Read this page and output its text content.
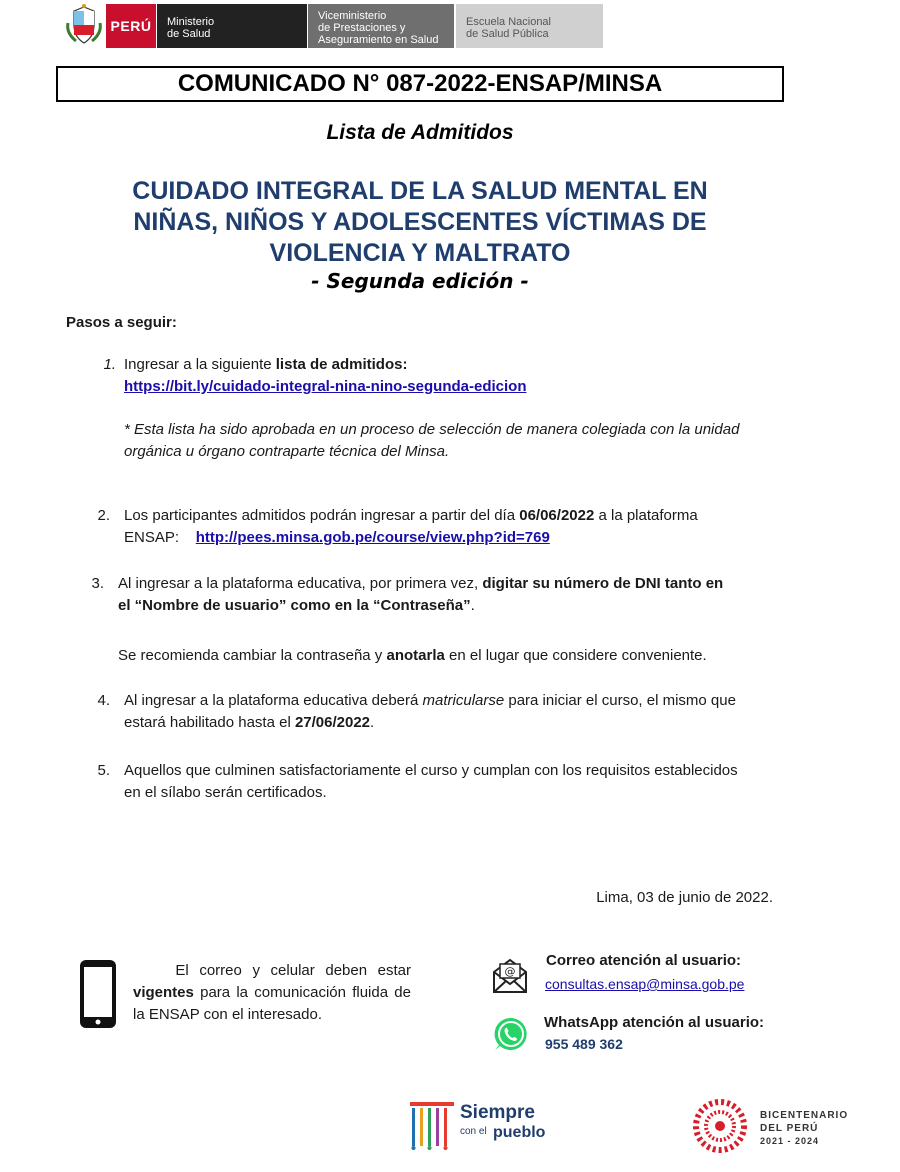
PERÚ	Ministerio
de Salud
Viceministerio
de Prestaciones y
Aseguramiento en Salud
Escuela Nacional
de Salud Pública
COMUNICADO N° 087-2022-ENSAP/MINSA
Lista de Admitidos
CUIDADO INTEGRAL DE LA SALUD MENTAL EN
NIÑAS, NIÑOS Y ADOLESCENTES VÍCTIMAS DE
VIOLENCIA Y MALTRATO
- Segunda edición -
Pasos a seguir:
1. Ingresar a la siguiente lista de admitidos:
https://bit.ly/cuidado-integral-nina-nino-segunda-edicion
* Esta lista ha sido aprobada en un proceso de selección de manera colegiada con la unidad
orgánica u órgano contraparte técnica del Minsa.
2. Los participantes admitidos podrán ingresar a partir del día 06/06/2022 a la plataforma
ENSAP: http://pees.minsa.gob.pe/course/view.php?id=769
3. Al ingresar a la plataforma educativa, por primera vez, digitar su número de DNI tanto en
el “Nombre de usuario” como en la “Contraseña”.
Se recomienda cambiar la contraseña y anotarla en el lugar que considere conveniente.
4. Al ingresar a la plataforma educativa deberá matricularse para iniciar el curso, el mismo que
estará habilitado hasta el 27/06/2022.
5. Aquellos que culminen satisfactoriamente el curso y cumplan con los requisitos establecidos
en el sílabo serán certificados.
Lima, 03 de junio de 2022.
El correo y celular deben estar vigentes para la comunicación fluida de la ENSAP con el interesado.
@
Correo atención al usuario:
consultas.ensap@minsa.gob.pe
WhatsApp atención al usuario:
955 489 362
Siempre
con el pueblo
BICENTENARIO
DEL PERÚ
2021 - 2024
